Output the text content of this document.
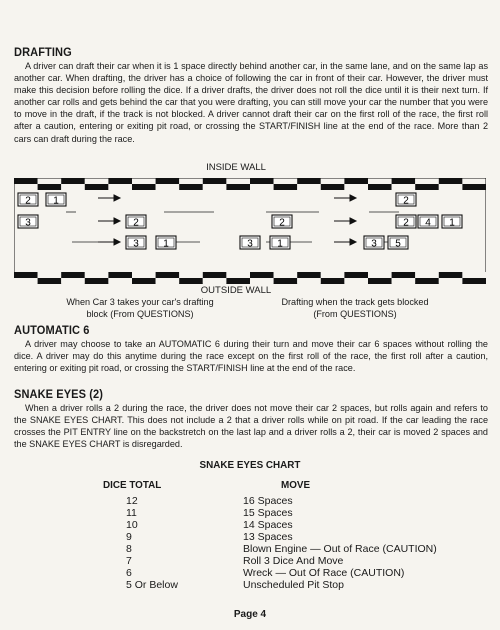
DRAFTING

A driver can draft their car when it is 1 space directly behind another car, in the same lane, and on the same lap as another car. When drafting, the driver has a choice of following the car in front of their car. However, the driver must make this decision before rolling the dice. If a driver drafts, the driver does not roll the dice until it is their next turn. If another car rolls and gets behind the car that you were drafting, you can still move your car the number that you were to move in the draft, if the track is not blocked. A driver cannot draft their car on the first roll of the race, the first roll after a caution, entering or exiting pit road, or crossing the START/FINISH line at the end of the race. More than 2 cars can draft during the race.

INSIDE WALL
2 1
3	2
3 1	3 1
2
3 5
2
2 4 1
OUTSIDE WALL
When Car 3 takes your car's drafting block (From QUESTIONS)
Drafting when the track gets blocked (From QUESTIONS)
AUTOMATIC 6

A driver may choose to take an AUTOMATIC 6 during their turn and move their car 6 spaces without rolling the dice. A driver may do this anytime during the race except on the first roll of the race, the first roll after a caution, entering or exiting pit road, or crossing the START/FINISH line at the end of the race.

SNAKE EYES (2)

When a driver rolls a 2 during the race, the driver does not move their car 2 spaces, but rolls again and refers to the SNAKE EYES CHART. This does not include a 2 that a driver rolls while on pit road. If the car leading the race crosses the PIT ENTRY line on the backstretch on the last lap and a driver rolls a 2, their car is moved 2 spaces and the SNAKE EYES CHART is disregarded.

SNAKE EYES CHART
DICE TOTAL	MOVE
12	16 Spaces
11	15 Spaces
10	14 Spaces
9	13 Spaces
8	Blown Engine — Out of Race (CAUTION)
7	Roll 3 Dice And Move
6	Wreck — Out Of Race (CAUTION)
5 Or Below	Unscheduled Pit Stop
Page 4
